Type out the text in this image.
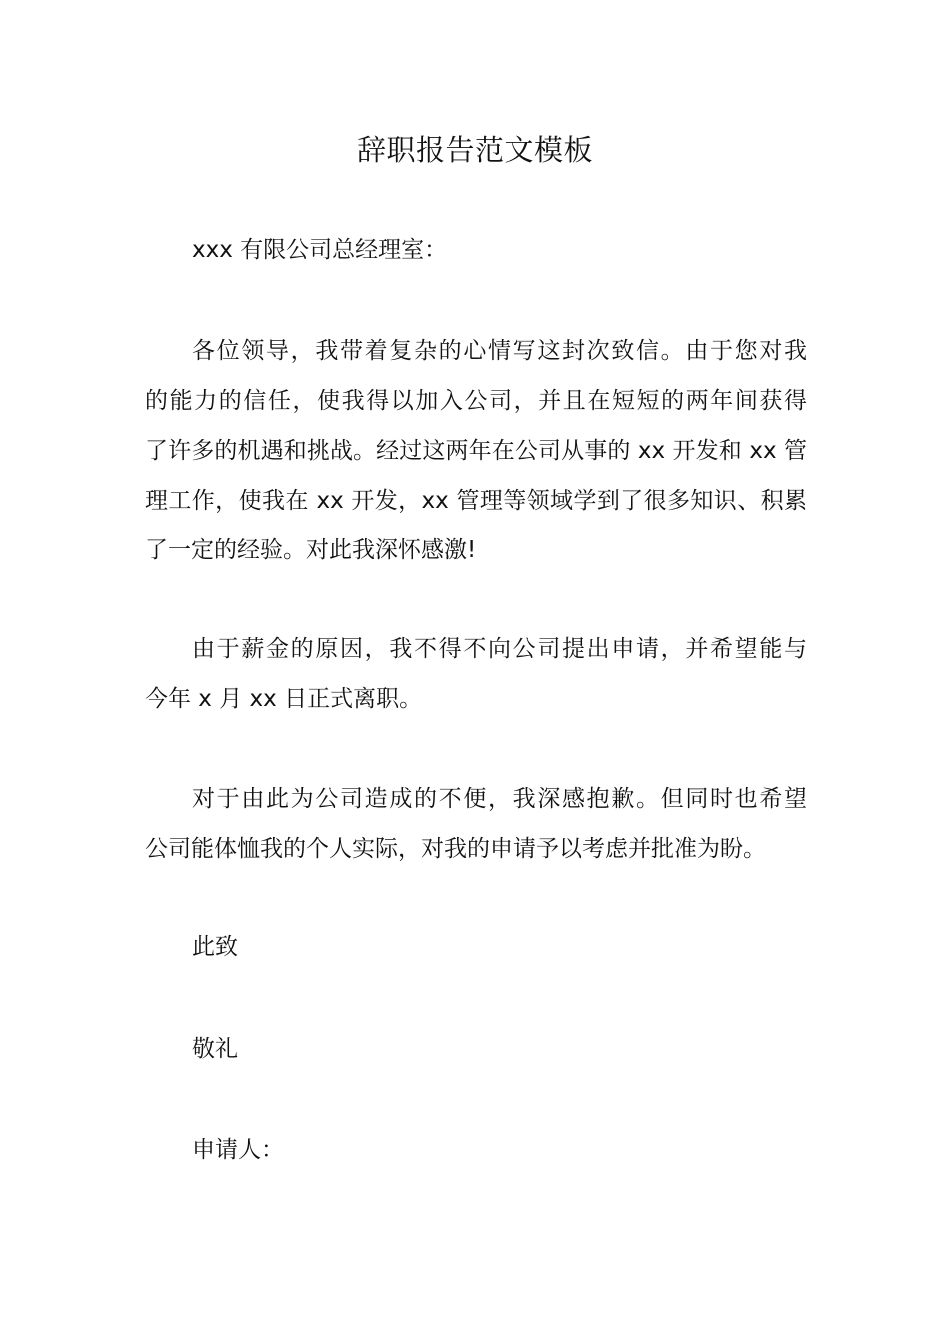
辞职报告范文模板
xxx 有限公司总经理室：
各位领导，我带着复杂的心情写这封次致信。由于您对我
的能力的信任，使我得以加入公司，并且在短短的两年间获得
了许多的机遇和挑战。经过这两年在公司从事的 xx 开发和 xx 管
理工作，使我在 xx 开发，xx 管理等领域学到了很多知识、积累
了一定的经验。对此我深怀感激!
由于薪金的原因，我不得不向公司提出申请，并希望能与
今年 x 月 xx 日正式离职。
对于由此为公司造成的不便，我深感抱歉。但同时也希望
公司能体恤我的个人实际，对我的申请予以考虑并批准为盼。
此致
敬礼
申请人：
